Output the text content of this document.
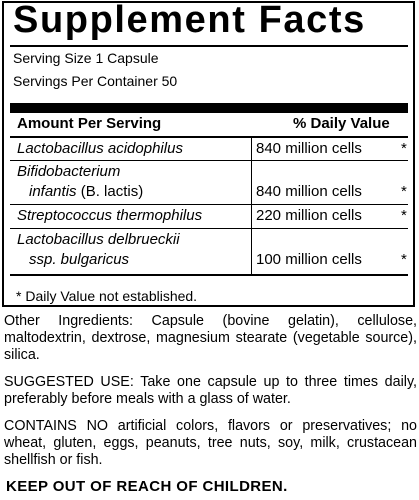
Supplement Facts
Serving Size 1 Capsule
Servings Per Container 50
Amount Per Serving	% Daily Value
Lactobacillus acidophilus	840 million cells	*
Bifidobacterium
infantis (B. lactis)	840 million cells	*
Streptococcus thermophilus	220 million cells	*
Lactobacillus delbrueckii
ssp. bulgaricus	100 million cells	*
* Daily Value not established.

Other Ingredients: Capsule (bovine gelatin), cellulose, maltodextrin, dextrose, magnesium stearate (vegetable source), silica.

SUGGESTED USE: Take one capsule up to three times daily, preferably before meals with a glass of water.

CONTAINS NO artificial colors, flavors or preservatives; no wheat, gluten, eggs, peanuts, tree nuts, soy, milk, crustacean shellfish or fish.

KEEP OUT OF REACH OF CHILDREN.
